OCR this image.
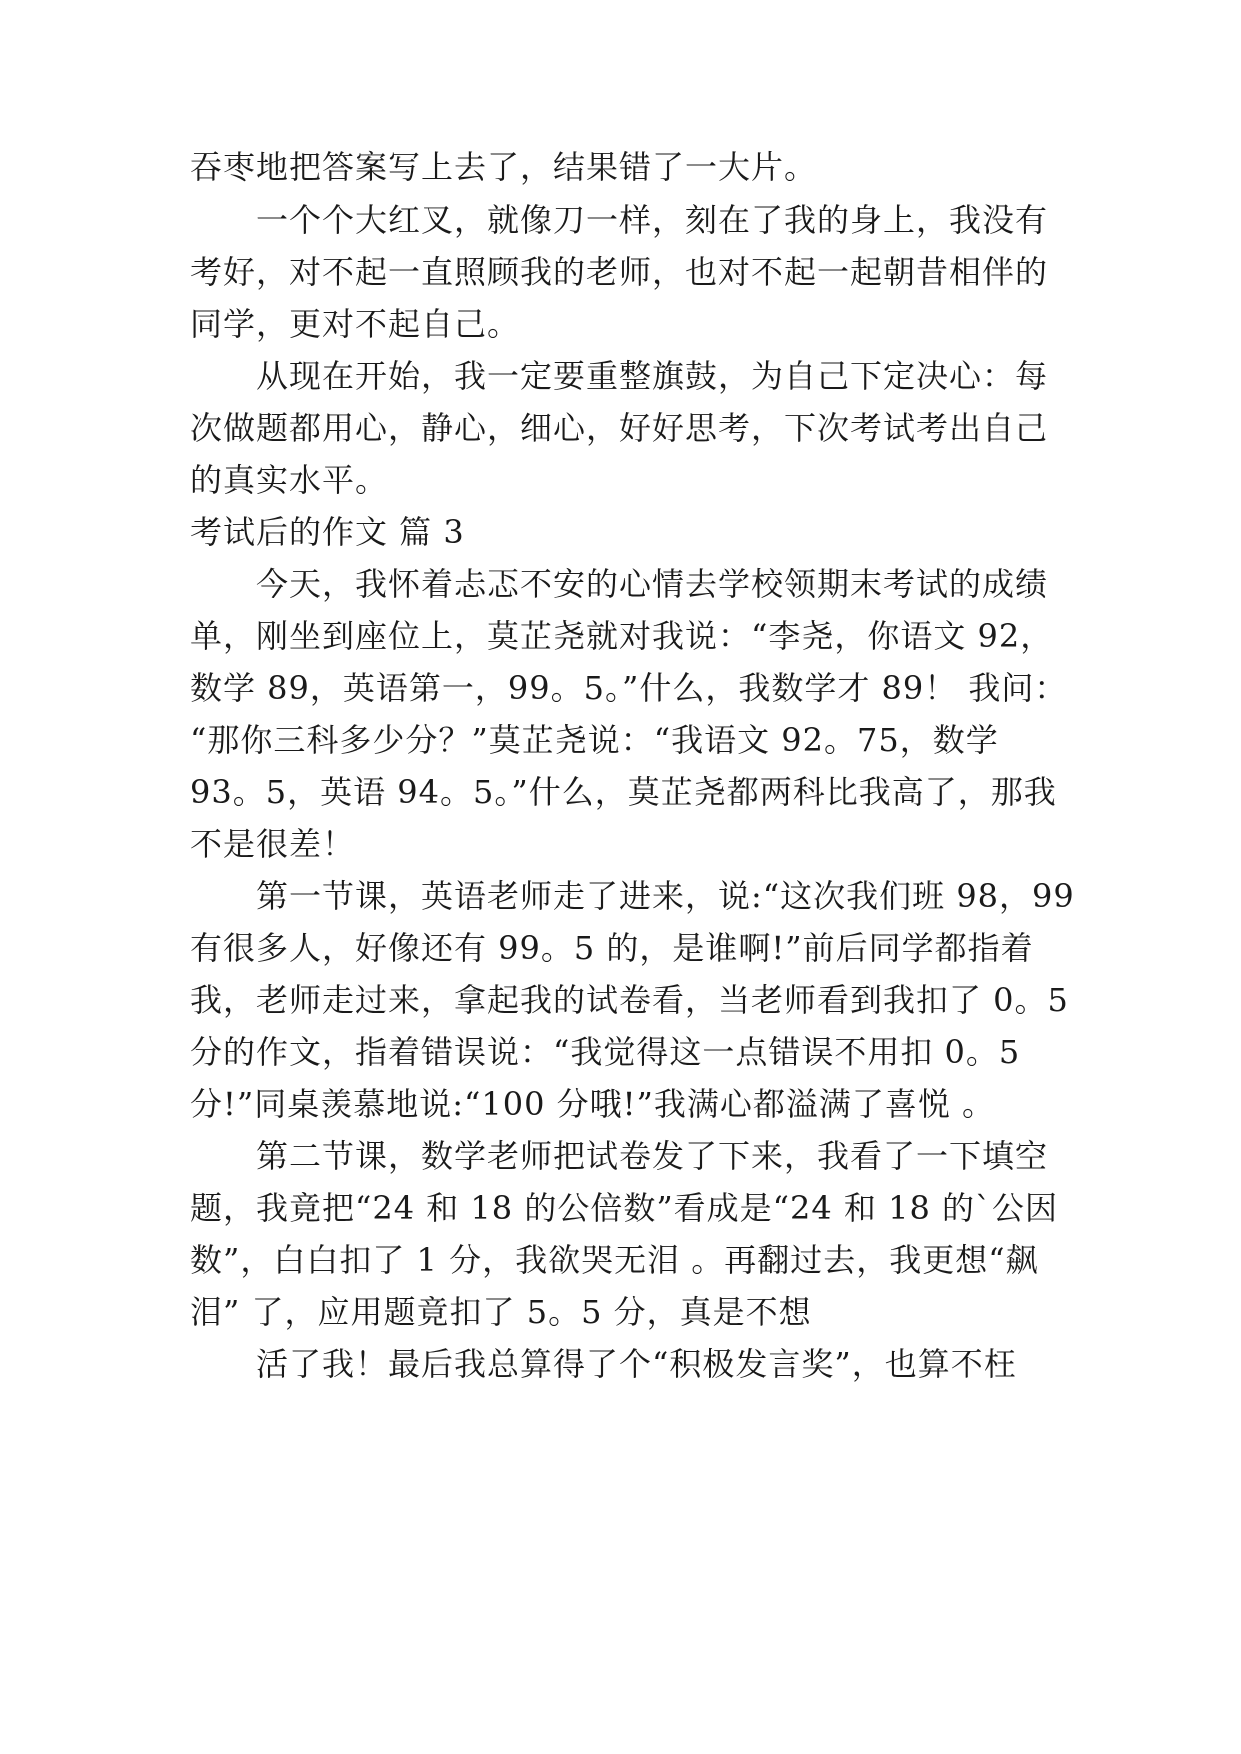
吞枣地把答案写上去了，结果错了一大片。
一个个大红叉，就像刀一样，刻在了我的身上，我没有
考好，对不起一直照顾我的老师，也对不起一起朝昔相伴的
同学，更对不起自己。
从现在开始，我一定要重整旗鼓，为自己下定决心：每
次做题都用心，静心，细心，好好思考，下次考试考出自己
的真实水平。
考试后的作文 篇 3
今天，我怀着忐忑不安的心情去学校领期末考试的成绩
单，刚坐到座位上，莫芷尧就对我说：“李尧，你语文 92，
数学 89，英语第一，99。5。”什么，我数学才 89！ 我问：
“那你三科多少分？”莫芷尧说：“我语文 92。75，数学
93。5，英语 94。5。”什么，莫芷尧都两科比我高了，那我
不是很差！
第一节课，英语老师走了进来，说:“这次我们班 98，99
有很多人，好像还有 99。5 的，是谁啊!”前后同学都指着
我，老师走过来，拿起我的试卷看，当老师看到我扣了 0。5
分的作文，指着错误说：“我觉得这一点错误不用扣 0。5
分!”同桌羡慕地说:“100 分哦!”我满心都溢满了喜悦 。
第二节课，数学老师把试卷发了下来，我看了一下填空
题，我竟把“24 和 18 的公倍数”看成是“24 和 18 的`公因
数”，白白扣了 1 分，我欲哭无泪 。再翻过去，我更想“飙
泪” 了，应用题竟扣了 5。5 分，真是不想
活了我！最后我总算得了个“积极发言奖”，也算不枉
